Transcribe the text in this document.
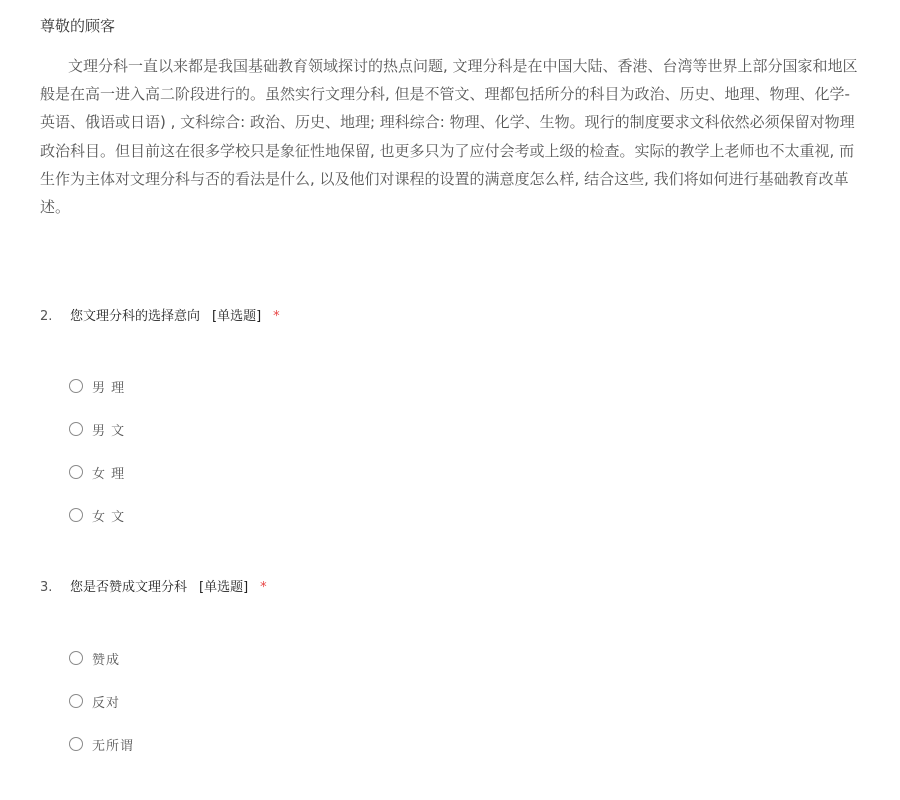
尊敬的顾客
文理分科一直以来都是我国基础教育领域探讨的热点问题, 文理分科是在中国大陆、香港、台湾等世界上部分国家和地区
般是在高一进入高二阶段进行的。虽然实行文理分科, 但是不管文、理都包括所分的科目为政治、历史、地理、物理、化学-
英语、俄语或日语) , 文科综合: 政治、历史、地理; 理科综合: 物理、化学、生物。现行的制度要求文科依然必须保留对物理
政治科目。但目前这在很多学校只是象征性地保留, 也更多只为了应付会考或上级的检查。实际的教学上老师也不太重视, 而
生作为主体对文理分科与否的看法是什么, 以及他们对课程的设置的满意度怎么样, 结合这些, 我们将如何进行基础教育改革
述。
2. 您文理分科的选择意向 [单选题] *
男 理
男 文
女 理
女 文
3. 您是否赞成文理分科 [单选题] *
赞成
反对
无所谓
